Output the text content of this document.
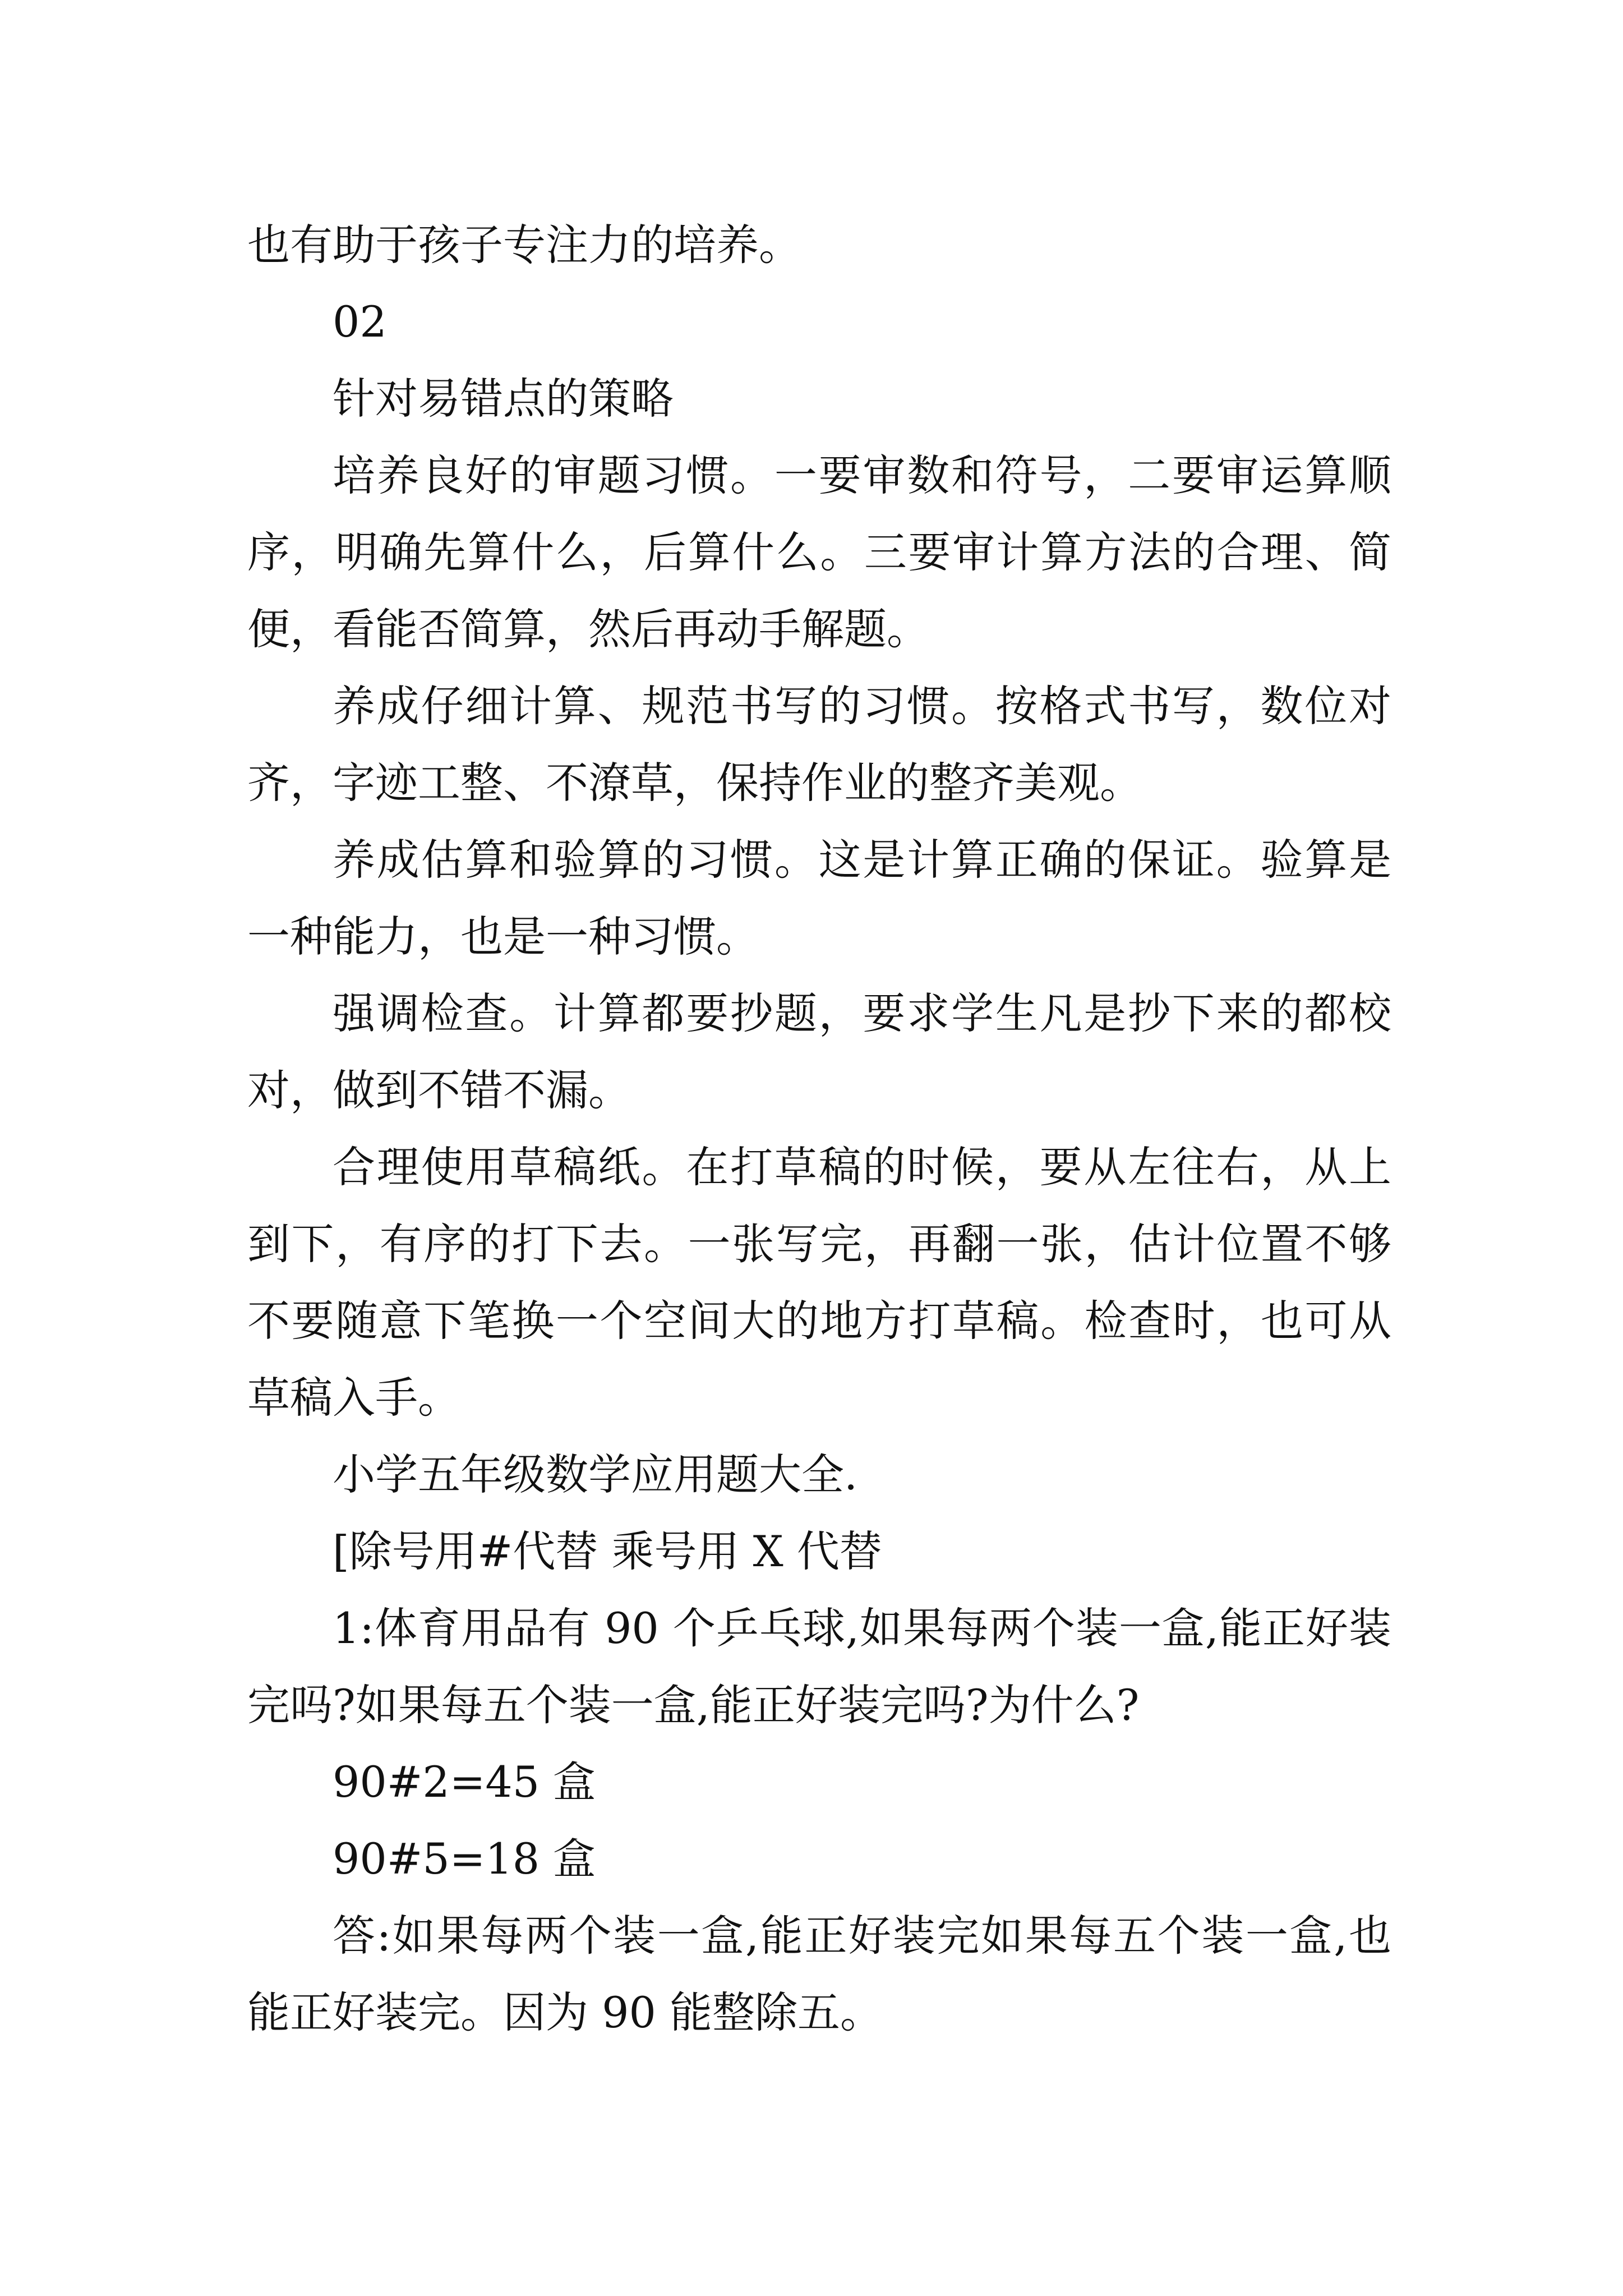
也有助于孩子专注力的培养。

02

针对易错点的策略

培养良好的审题习惯。一要审数和符号，二要审运算顺序，明确先算什么，后算什么。三要审计算方法的合理、简便，看能否简算，然后再动手解题。

养成仔细计算、规范书写的习惯。按格式书写，数位对齐，字迹工整、不潦草，保持作业的整齐美观。

养成估算和验算的习惯。这是计算正确的保证。验算是一种能力，也是一种习惯。

强调检查。计算都要抄题，要求学生凡是抄下来的都校对，做到不错不漏。

合理使用草稿纸。在打草稿的时候，要从左往右，从上到下，有序的打下去。一张写完，再翻一张，估计位置不够不要随意下笔换一个空间大的地方打草稿。检查时，也可从草稿入手。

小学五年级数学应用题大全.

[除号用#代替 乘号用 X 代替

1:体育用品有 90 个乒乓球,如果每两个装一盒,能正好装完吗?如果每五个装一盒,能正好装完吗?为什么?

90#2=45 盒

90#5=18 盒

答:如果每两个装一盒,能正好装完如果每五个装一盒,也能正好装完。因为 90 能整除五。
